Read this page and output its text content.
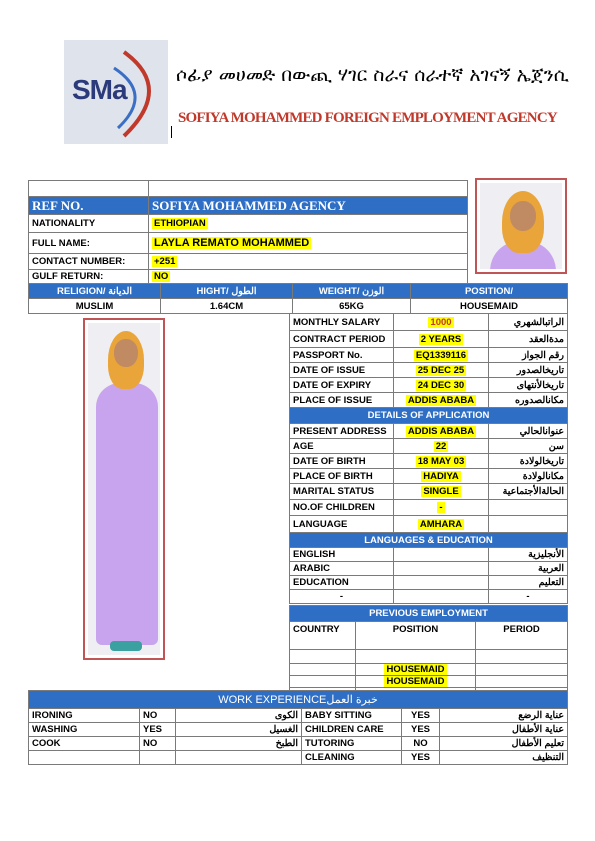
SMa	ሶፊያ መሀመድ በውጪ ሃገር ስራና ሰራተኛ አገናኝ ኤጀንሲ
SOFIYA MOHAMMED FOREIGN EMPLOYMENT AGENCY

REF NO.	SOFIYA MOHAMMED AGENCY
NATIONALITY	ETHIOPIAN
FULL NAME:	LAYLA REMATO MOHAMMED
CONTACT NUMBER:	+251
GULF RETURN:	NO
RELIGION/ الديانة	HIGHT/ الطول	WEIGHT/ الوزن	POSITION/
MUSLIM	1.64CM	65KG	HOUSEMAID
MONTHLY SALARY	1000	الراتبالشهري
CONTRACT PERIOD	2 YEARS	مدةالعقد
PASSPORT No.	EQ1339116	رقم الجواز
DATE OF ISSUE	25 DEC 25	تاريخالصدور
DATE OF EXPIRY	24 DEC 30	تاريخالأنتهاى
PLACE OF ISSUE	ADDIS ABABA	مكانالصدوره
DETAILS OF APPLICATION		
PRESENT ADDRESS	ADDIS ABABA	عنوانالحالي
AGE	22	سن
DATE OF BIRTH	18 MAY 03	تاريخالولادة
PLACE OF BIRTH	HADIYA	مكانالولادة
MARITAL STATUS	SINGLE	الحالةالأجتماعية
NO.OF CHILDREN	-	
LANGUAGE	AMHARA	
LANGUAGES & EDUCATION		
ENGLISH		الأنجليزية
ARABIC		العربية
EDUCATION		التعليم
-		-
PREVIOUS EMPLOYMENT		
COUNTRY	POSITION	PERIOD

	HOUSEMAID	
	HOUSEMAID	

WORK EXPERIENCEخبرة العمل					
IRONING	NO	الكوى	BABY SITTING	YES	عناية الرضع
WASHING	YES	الغسيل	CHILDREN CARE	YES	عناية الأطفال
COOK	NO	الطبخ	TUTORING	NO	تعليم الأطفال
			CLEANING	YES	التنظيف
